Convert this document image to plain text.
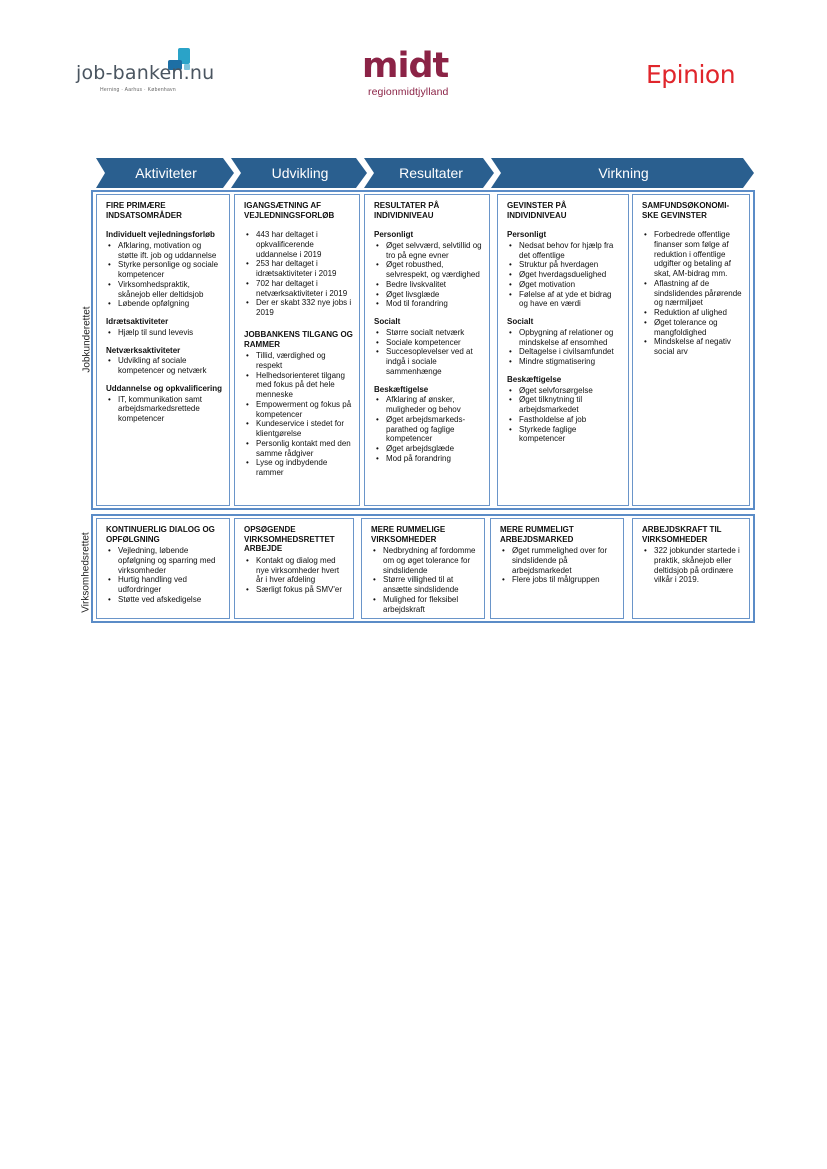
job-banken.nu
Herning · Aarhus · København
midt
regionmidtjylland
Epinion
Aktiviteter	Udvikling	Resultater	Virkning
Jobkunderettet
Virksomhedsrettet
FIRE PRIMÆRE INDSATSOMRÅDER
Individuelt vejledningsforløb
• Afklaring, motivation og støtte ift. job og uddannelse
• Styrke personlige og sociale kompetencer
• Virksomhedspraktik, skånejob eller deltidsjob
• Løbende opfølgning
Idrætsaktiviteter
• Hjælp til sund levevis
Netværksaktiviteter
• Udvikling af sociale kompetencer og netværk
Uddannelse og opkvalificering
• IT, kommunikation samt arbejdsmarkedsrettede kompetencer
IGANGSÆTNING AF VEJLEDNINGSFORLØB
• 443 har deltaget i opkvalificerende uddannelse i 2019
• 253 har deltaget i idrætsaktiviteter i 2019
• 702 har deltaget i netværksaktiviteter i 2019
• Der er skabt 332 nye jobs i 2019
JOBBANKENS TILGANG OG RAMMER
• Tillid, værdighed og respekt
• Helhedsorienteret tilgang med fokus på det hele menneske
• Empowerment og fokus på kompetencer
• Kundeservice i stedet for klientgørelse
• Personlig kontakt med den samme rådgiver
• Lyse og indbydende rammer
RESULTATER PÅ INDIVIDNIVEAU
Personligt
• Øget selvværd, selvtillid og tro på egne evner
• Øget robusthed, selvrespekt, og værdighed
• Bedre livskvalitet
• Øget livsglæde
• Mod til forandring
Socialt
• Større socialt netværk
• Sociale kompetencer
• Succesoplevelser ved at indgå i sociale sammenhænge
Beskæftigelse
• Afklaring af ønsker, muligheder og behov
• Øget arbejdsmarkeds-parathed og faglige kompetencer
• Øget arbejdsglæde
• Mod på forandring
GEVINSTER PÅ INDIVIDNIVEAU
Personligt
• Nedsat behov for hjælp fra det offentlige
• Struktur på hverdagen
• Øget hverdagsduelighed
• Øget motivation
• Følelse af at yde et bidrag og have en værdi
Socialt
• Opbygning af relationer og mindskelse af ensomhed
• Deltagelse i civilsamfundet
• Mindre stigmatisering
Beskæftigelse
• Øget selvforsørgelse
• Øget tilknytning til arbejdsmarkedet
• Fastholdelse af job
• Styrkede faglige kompetencer
SAMFUNDSØKONOMI-SKE GEVINSTER
• Forbedrede offentlige finanser som følge af reduktion i offentlige udgifter og betaling af skat, AM-bidrag mm.
• Aflastning af de sindslidendes pårørende og nærmiljøet
• Reduktion af ulighed
• Øget tolerance og mangfoldighed
• Mindskelse af negativ social arv
KONTINUERLIG DIALOG OG OPFØLGNING
• Vejledning, løbende opfølgning og sparring med virksomheder
• Hurtig handling ved udfordringer
• Støtte ved afskedigelse
OPSØGENDE VIRKSOMHEDSRETTET ARBEJDE
• Kontakt og dialog med nye virksomheder hvert år i hver afdeling
• Særligt fokus på SMV'er
MERE RUMMELIGE VIRKSOMHEDER
• Nedbrydning af fordomme om og øget tolerance for sindslidende
• Større villighed til at ansætte sindslidende
• Mulighed for fleksibel arbejdskraft
MERE RUMMELIGT ARBEJDSMARKED
• Øget rummelighed over for sindslidende på arbejdsmarkedet
• Flere jobs til målgruppen
ARBEJDSKRAFT TIL VIRKSOMHEDER
• 322 jobkunder startede i praktik, skånejob eller deltidsjob på ordinære vilkår i 2019.
